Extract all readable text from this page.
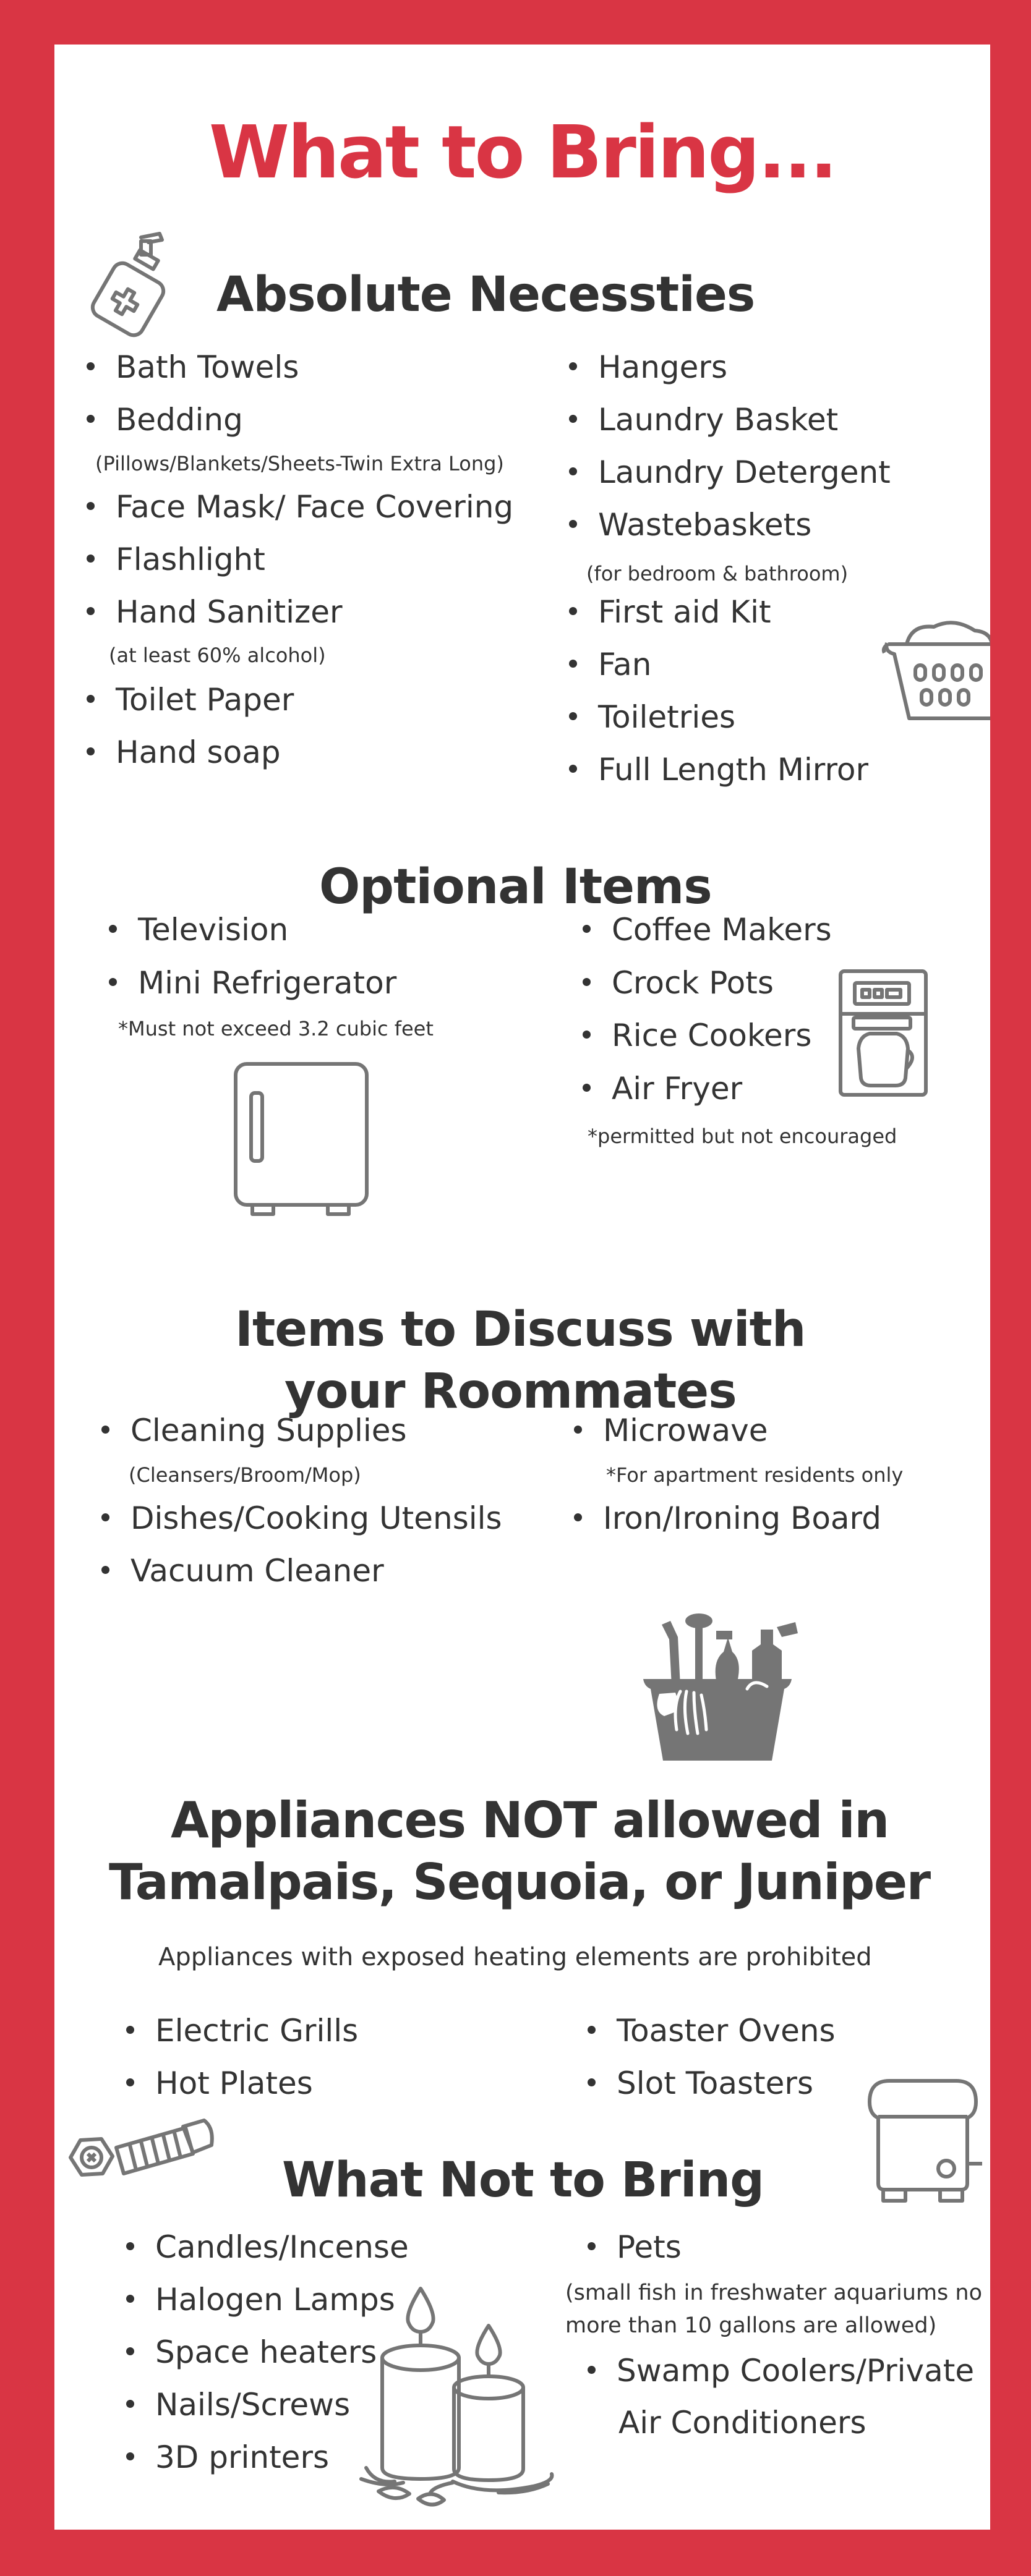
What to Bring...
Absolute Necessties
Bath Towels
Bedding
(Pillows/Blankets/Sheets-Twin Extra Long)
Face Mask/ Face Covering
Flashlight
Hand Sanitizer
(at least 60% alcohol)
Toilet Paper
Hand soap
Hangers
Laundry Basket
Laundry Detergent
Wastebaskets
(for bedroom & bathroom)
First aid Kit
Fan
Toiletries
Full Length Mirror
Optional Items
Television
Mini Refrigerator
*Must not exceed 3.2 cubic feet
Coffee Makers
Crock Pots
Rice Cookers
Air Fryer
*permitted but not encouraged
Items to Discuss with
your Roommates
Cleaning Supplies
(Cleansers/Broom/Mop)
Dishes/Cooking Utensils
Vacuum Cleaner
Microwave
*For apartment residents only
Iron/Ironing Board
Appliances NOT allowed in
Tamalpais, Sequoia, or Juniper
Appliances with exposed heating elements are prohibited
Electric Grills
Hot Plates
Toaster Ovens
Slot Toasters
What Not to Bring
Candles/Incense
Halogen Lamps
Space heaters
Nails/Screws
3D printers
Pets
(small fish in freshwater aquariums no
more than 10 gallons are allowed)
Swamp Coolers/Private
Air Conditioners
